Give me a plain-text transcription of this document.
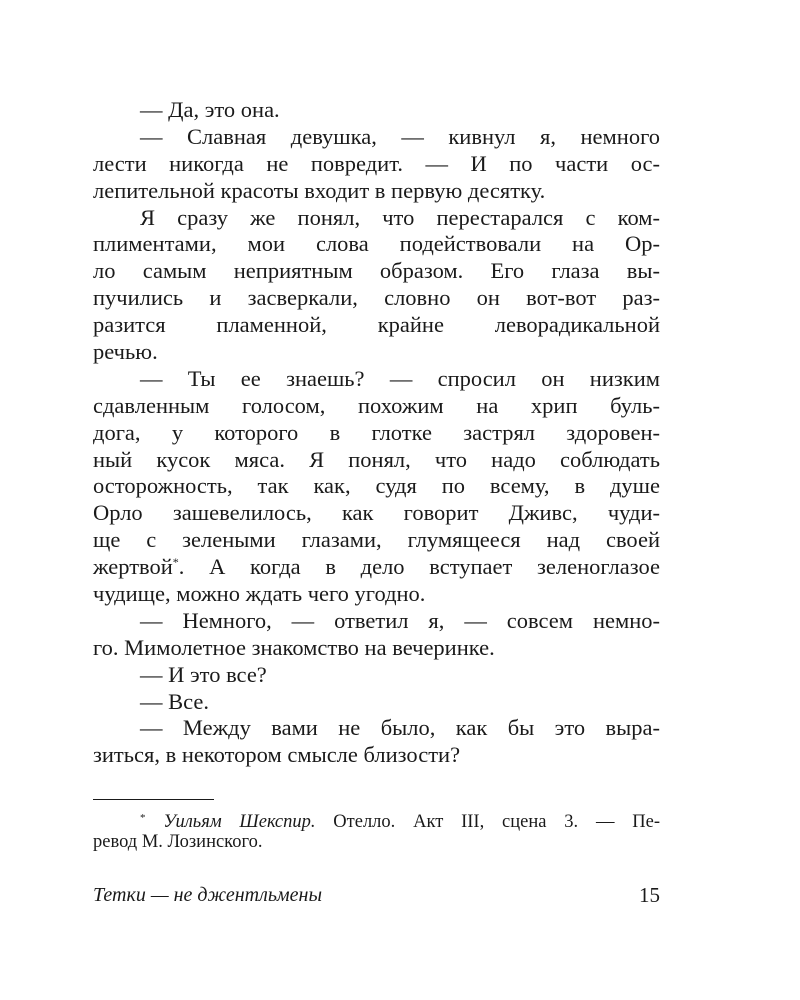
— Да, это она.
— Славная девушка, — кивнул я, немного
лести никогда не повредит. — И по части ос-
лепительной красоты входит в первую десятку.
Я сразу же понял, что перестарался с ком-
плиментами, мои слова подействовали на Ор-
ло самым неприятным образом. Его глаза вы-
пучились и засверкали, словно он вот-вот раз-
разится пламенной, крайне леворадикальной
речью.
— Ты ее знаешь? — спросил он низким
сдавленным голосом, похожим на хрип буль-
дога, у которого в глотке застрял здоровен-
ный кусок мяса. Я понял, что надо соблюдать
осторожность, так как, судя по всему, в душе
Орло зашевелилось, как говорит Дживс, чуди-
ще с зелеными глазами, глумящееся над своей
жертвой*. А когда в дело вступает зеленоглазое
чудище, можно ждать чего угодно.
— Немного, — ответил я, — совсем немно-
го. Мимолетное знакомство на вечеринке.
— И это все?
— Все.
— Между вами не было, как бы это выра-
зиться, в некотором смысле близости?
* Уильям Шекспир. Отелло. Акт III, сцена 3. — Пе-
ревод М. Лозинского.
Тетки — не джентльмены	15
